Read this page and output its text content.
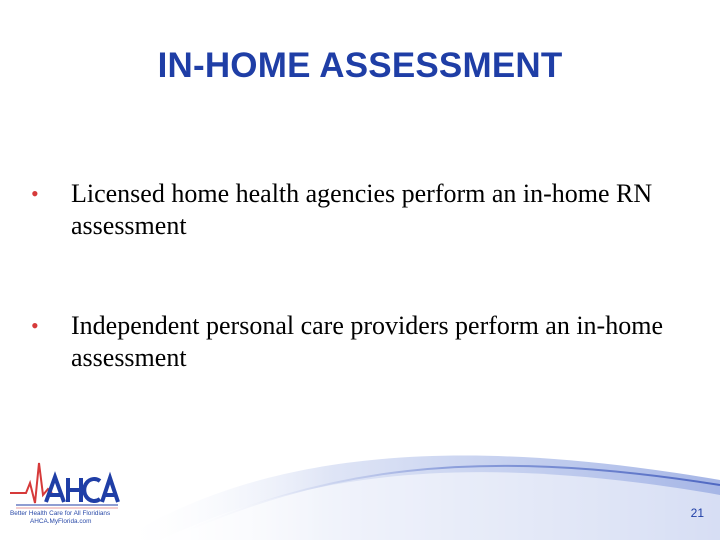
IN-HOME ASSESSMENT
• Licensed home health agencies perform an in-home RN assessment
• Independent personal care providers perform an in-home assessment
Better Health Care for All Floridians
AHCA.MyFlorida.com
21
